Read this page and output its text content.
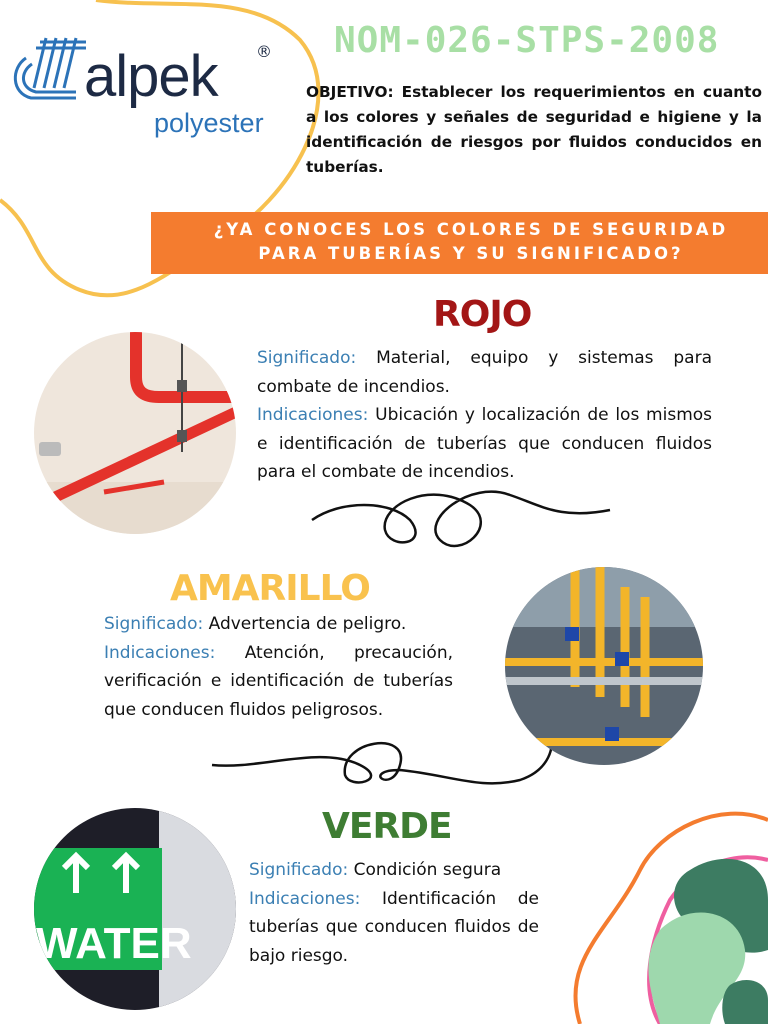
alpek ®
polyester
NOM-026-STPS-2008
OBJETIVO: Establecer los requerimientos en cuanto a los colores y señales de seguridad e higiene y la identificación de riesgos por fluidos conducidos en tuberías.
¿YA CONOCES LOS COLORES DE SEGURIDAD
PARA TUBERÍAS Y SU SIGNIFICADO?
ROJO
Significado: Material, equipo y sistemas para combate de incendios.
Indicaciones: Ubicación y localización de los mismos e identificación de tuberías que conducen fluidos para el combate de incendios.
AMARILLO
Significado: Advertencia de peligro.
Indicaciones: Atención, precaución, verificación e identificación de tuberías que conducen fluidos peligrosos.
VERDE
WATER
Significado: Condición segura
Indicaciones: Identificación de tuberías que conducen fluidos de bajo riesgo.
